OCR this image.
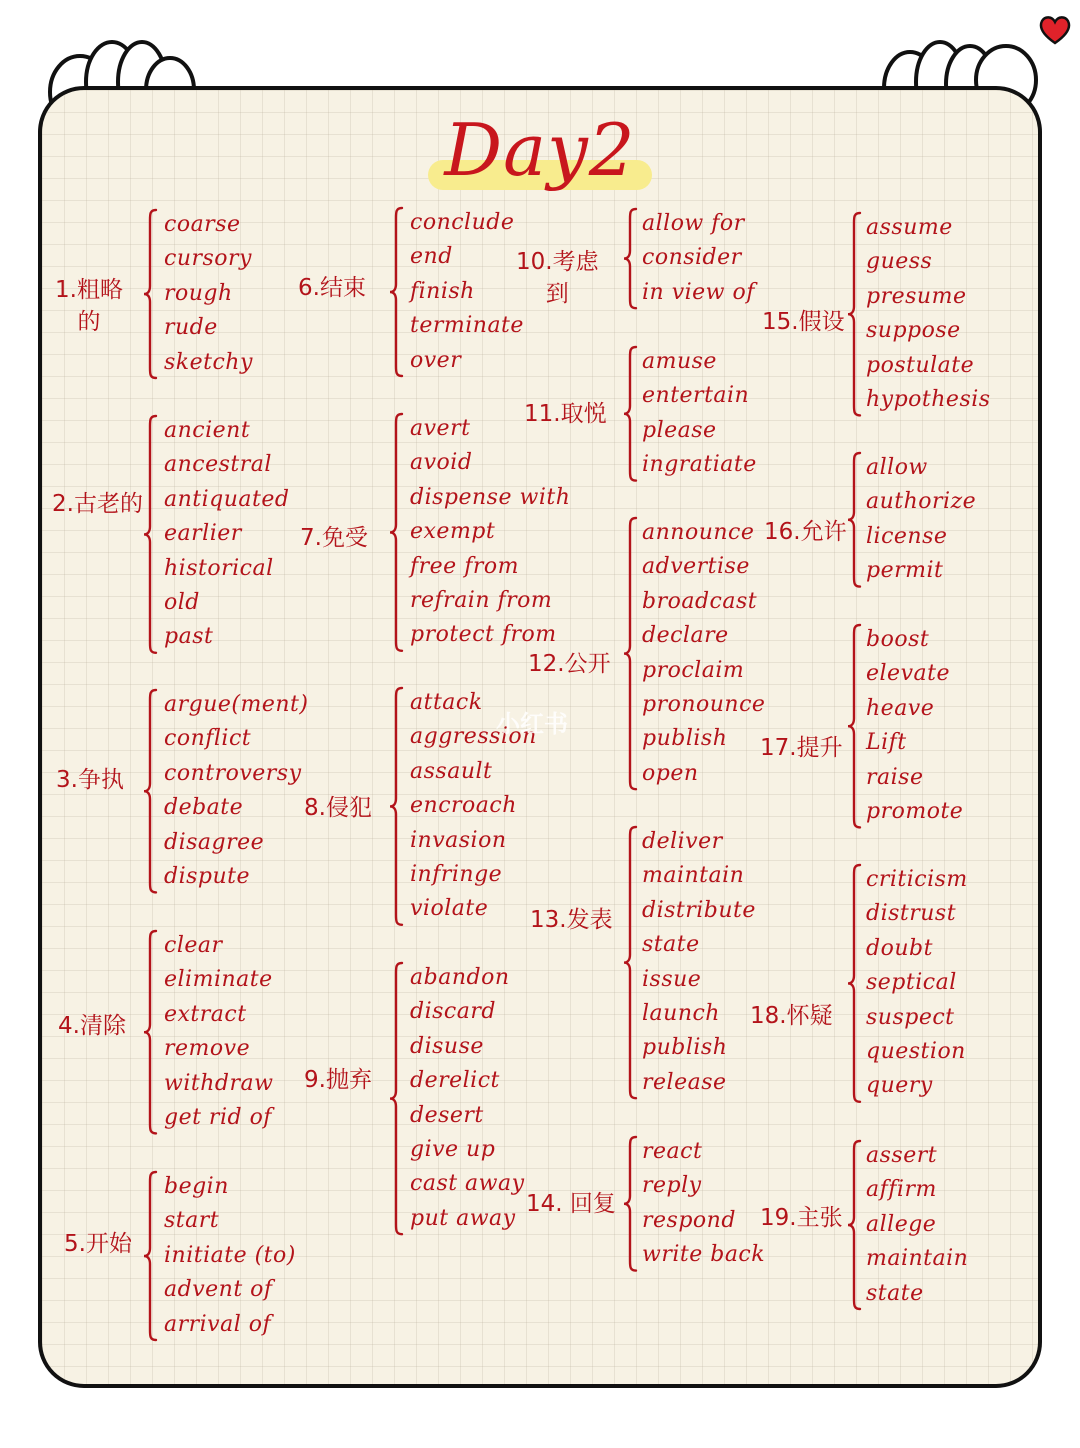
Day2
1.粗略
的
coarse
cursory
rough
rude
sketchy
2.古老的
ancient
ancestral
antiquated
earlier
historical
old
past
3.争执
argue(ment)
conflict
controversy
debate
disagree
dispute
4.清除
clear
eliminate
extract
remove
withdraw
get rid of
5.开始
begin
start
initiate (to)
advent of
arrival of
6.结束
conclude
end
finish
terminate
over
7.免受
avert
avoid
dispense with
exempt
free from
refrain from
protect from
8.侵犯
attack
aggression
assault
encroach
invasion
infringe
violate
9.抛弃
abandon
discard
disuse
derelict
desert
give up
cast away
put away
10.考虑
到
allow for
consider
in view of
11.取悦
amuse
entertain
please
ingratiate
12.公开
announce
advertise
broadcast
declare
proclaim
pronounce
publish
open
13.发表
deliver
maintain
distribute
state
issue
launch
publish
release
14. 回复
react
reply
respond
write back
15.假设
assume
guess
presume
suppose
postulate
hypothesis
16.允许
allow
authorize
license
permit
17.提升
boost
elevate
heave
Lift
raise
promote
18.怀疑
criticism
distrust
doubt
septical
suspect
question
query
19.主张
assert
affirm
allege
maintain
state
小红书
